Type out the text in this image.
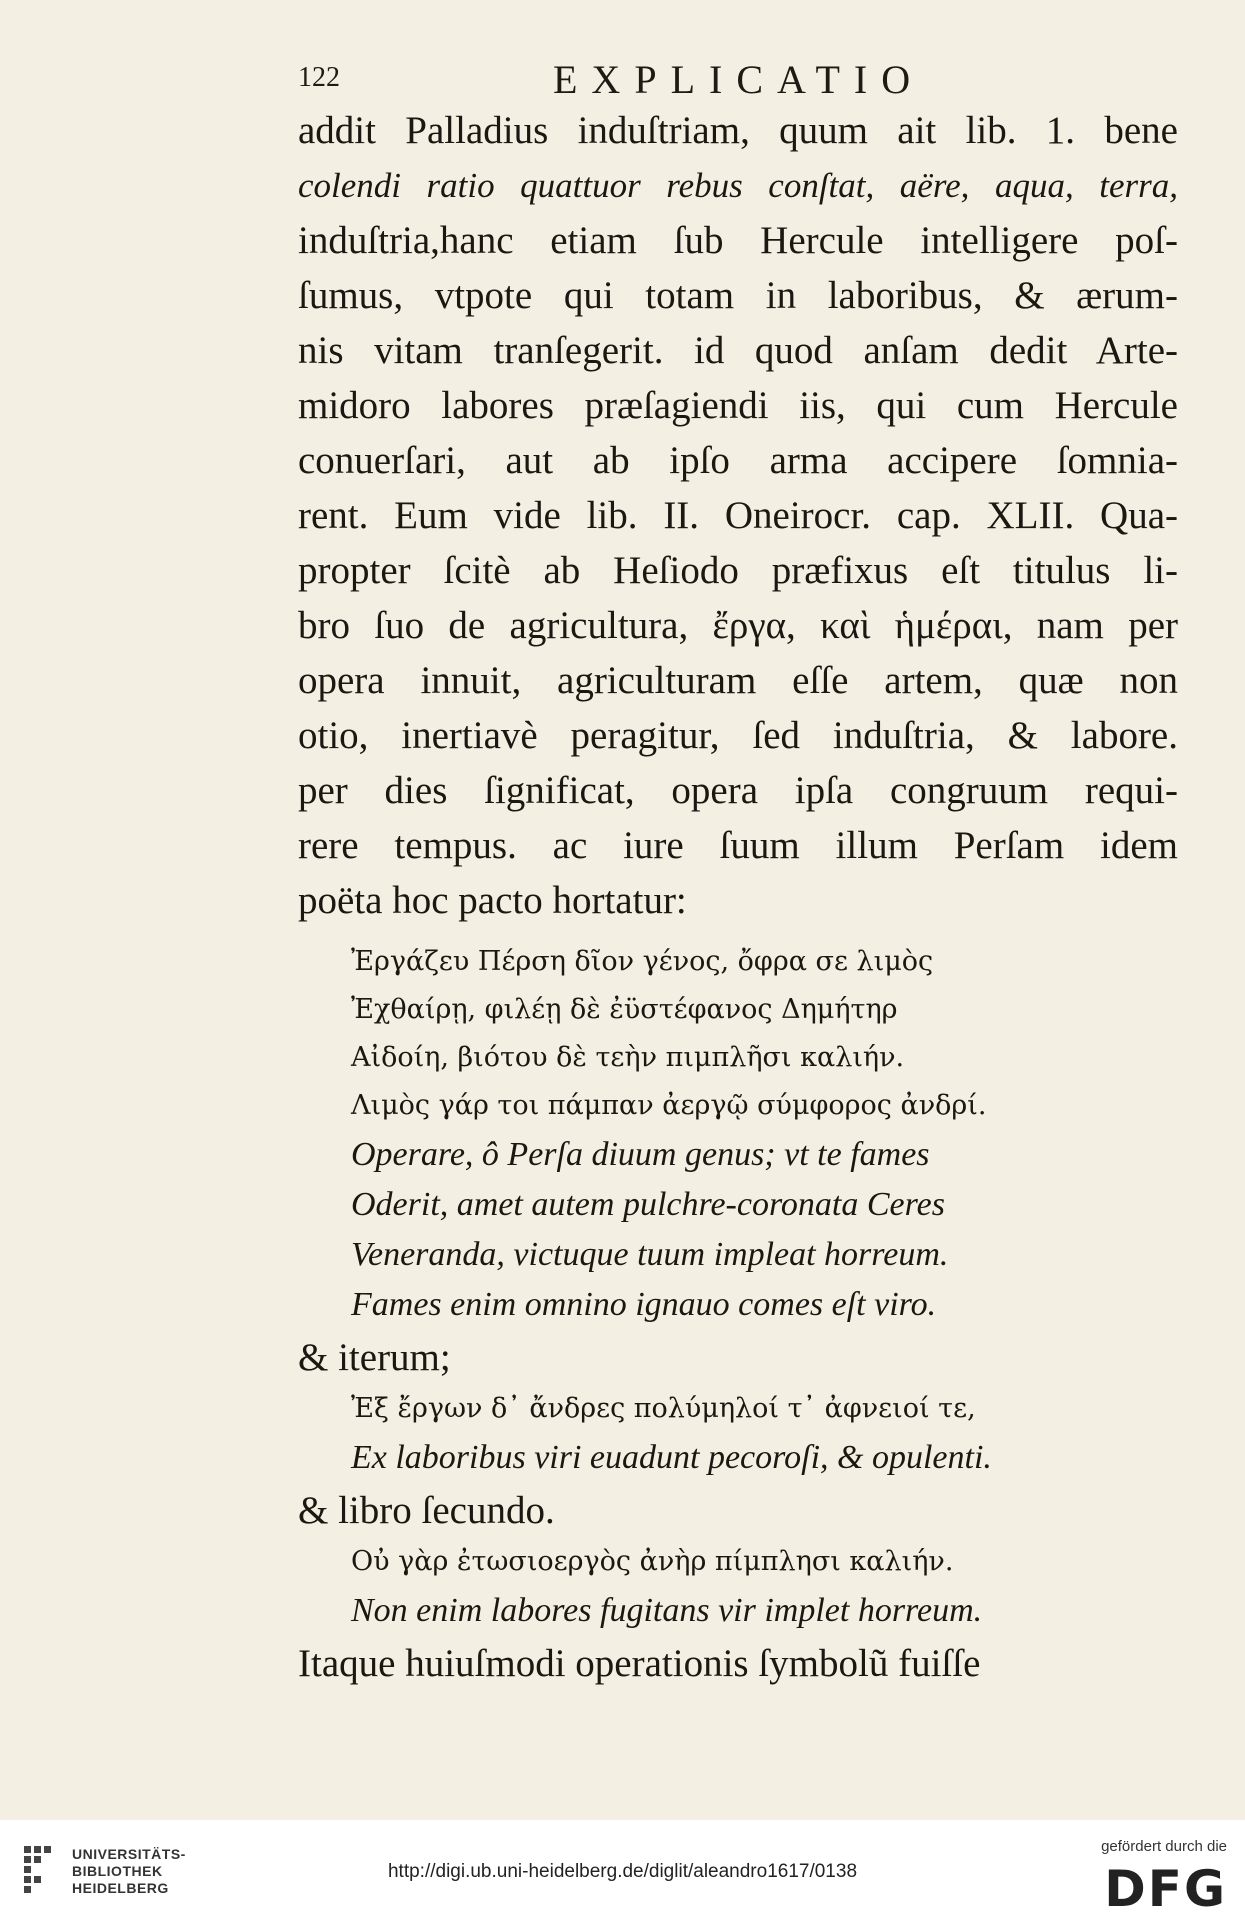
122	EXPLICATIO
addit Palladius induſtriam, quum ait lib. 1. bene
colendi ratio quattuor rebus conſtat, aëre, aqua, terra,
induſtria,hanc etiam ſub Hercule intelligere poſ-
ſumus, vtpote qui totam in laboribus, & ærum-
nis vitam tranſegerit. id quod anſam dedit Arte-
midoro labores præſagiendi iis, qui cum Hercule
conuerſari, aut ab ipſo arma accipere ſomnia-
rent. Eum vide lib. II. Oneirocr. cap. XLII. Qua-
propter ſcitè ab Heſiodo præfixus eſt titulus li-
bro ſuo de agricultura, ἔργα, καὶ ἡμέραι, nam per
opera innuit, agriculturam eſſe artem, quæ non
otio, inertiavè peragitur, ſed induſtria, & labore.
per dies ſignificat, opera ipſa congruum requi-
rere tempus. ac iure ſuum illum Perſam idem
poëta hoc pacto hortatur:
Ἐργάζευ Πέρση δῖον γένος, ὄφρα σε λιμὸς
Ἐχθαίρῃ, φιλέῃ δὲ ἐϋστέφανος Δημήτηρ
Αἰδοίη, βιότου δὲ τεὴν πιμπλῆσι καλιήν.
Λιμὸς γάρ τοι πάμπαν ἀεργῷ σύμφορος ἀνδρί.
Operare, ô Perſa diuum genus; vt te fames
Oderit, amet autem pulchre-coronata Ceres
Veneranda, victuque tuum impleat horreum.
Fames enim omnino ignauo comes eſt viro.
& iterum;
Ἐξ ἔργων δ᾽ ἄνδρες πολύμηλοί τ᾽ ἀφνειοί τε,
Ex laboribus viri euadunt pecoroſi, & opulenti.
& libro ſecundo.
Οὐ γὰρ ἐτωσιοεργὸς ἀνὴρ πίμπλησι καλιήν.
Non enim labores fugitans vir implet horreum.
Itaque huiuſmodi operationis ſymbolũ fuiſſe
UNIVERSITÄTS-
BIBLIOTHEK
HEIDELBERG
http://digi.ub.uni-heidelberg.de/diglit/aleandro1617/0138
gefördert durch die
DFG
